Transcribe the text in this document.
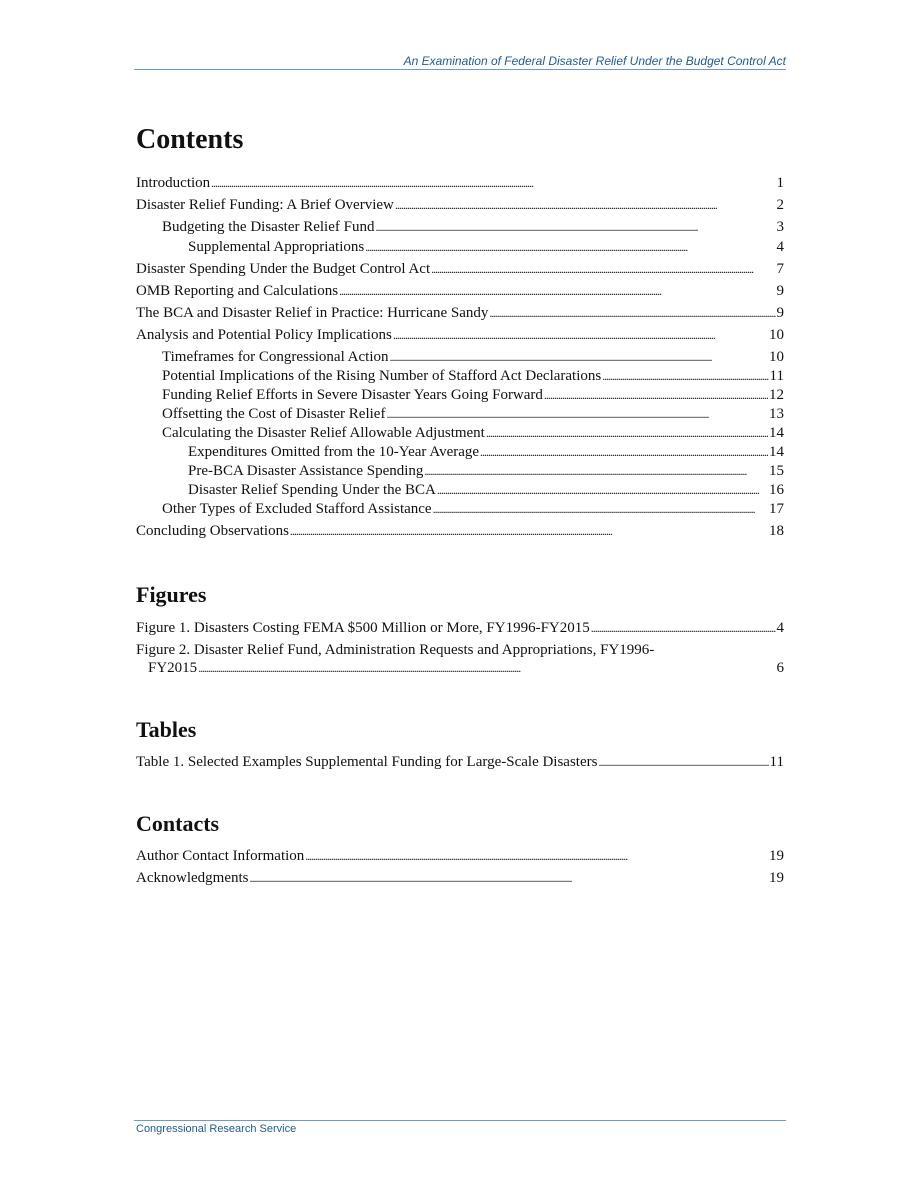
An Examination of Federal Disaster Relief Under the Budget Control Act
Contents
Introduction . . .	1
Disaster Relief Funding: A Brief Overview . . .	2
Budgeting the Disaster Relief Fund . . .	3
Supplemental Appropriations . . .	4
Disaster Spending Under the Budget Control Act . . .	7
OMB Reporting and Calculations . . .	9
The BCA and Disaster Relief in Practice: Hurricane Sandy . . .	9
Analysis and Potential Policy Implications . . .	10
Timeframes for Congressional Action . . .	10
Potential Implications of the Rising Number of Stafford Act Declarations . . .	11
Funding Relief Efforts in Severe Disaster Years Going Forward . . .	12
Offsetting the Cost of Disaster Relief . . .	13
Calculating the Disaster Relief Allowable Adjustment . . .	14
Expenditures Omitted from the 10-Year Average . . .	14
Pre-BCA Disaster Assistance Spending . . .	15
Disaster Relief Spending Under the BCA . . .	16
Other Types of Excluded Stafford Assistance . . .	17
Concluding Observations . . .	18
Figures
Figure 1. Disasters Costing FEMA $500 Million or More, FY1996-FY2015 . . .	4
Figure 2. Disaster Relief Fund, Administration Requests and Appropriations, FY1996-
FY2015 . . .	6
Tables
Table 1. Selected Examples Supplemental Funding for Large-Scale Disasters . . .	11
Contacts
Author Contact Information . . .	19
Acknowledgments . . .	19
Congressional Research Service
